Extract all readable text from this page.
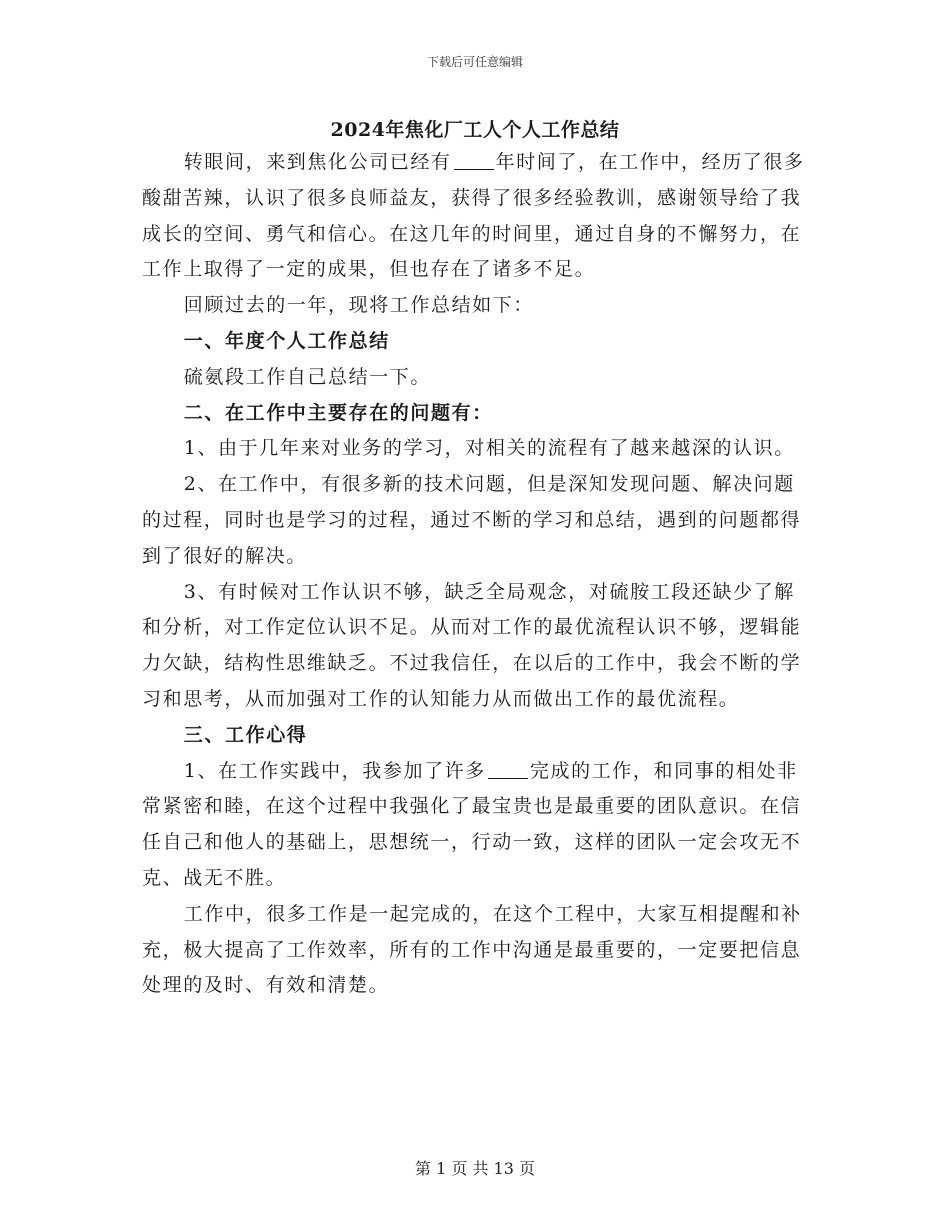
下载后可任意编辑
2024年焦化厂工人个人工作总结

转眼间，来到焦化公司已经有 年时间了，在工作中，经历了很多酸甜苦辣，认识了很多良师益友，获得了很多经验教训，感谢领导给了我成长的空间、勇气和信心。在这几年的时间里，通过自身的不懈努力，在工作上取得了一定的成果，但也存在了诸多不足。

回顾过去的一年，现将工作总结如下：

一、年度个人工作总结

硫氨段工作自己总结一下。

二、在工作中主要存在的问题有：

1、由于几年来对业务的学习，对相关的流程有了越来越深的认识。

2、在工作中，有很多新的技术问题，但是深知发现问题、解决问题的过程，同时也是学习的过程，通过不断的学习和总结，遇到的问题都得到了很好的解决。

3、有时候对工作认识不够，缺乏全局观念，对硫胺工段还缺少了解和分析，对工作定位认识不足。从而对工作的最优流程认识不够，逻辑能力欠缺，结构性思维缺乏。不过我信任，在以后的工作中，我会不断的学习和思考，从而加强对工作的认知能力从而做出工作的最优流程。

三、工作心得

1、在工作实践中，我参加了许多 完成的工作，和同事的相处非常紧密和睦，在这个过程中我强化了最宝贵也是最重要的团队意识。在信任自己和他人的基础上，思想统一，行动一致，这样的团队一定会攻无不克、战无不胜。

工作中，很多工作是一起完成的，在这个工程中，大家互相提醒和补充，极大提高了工作效率，所有的工作中沟通是最重要的，一定要把信息处理的及时、有效和清楚。

第 1 页 共 13 页
